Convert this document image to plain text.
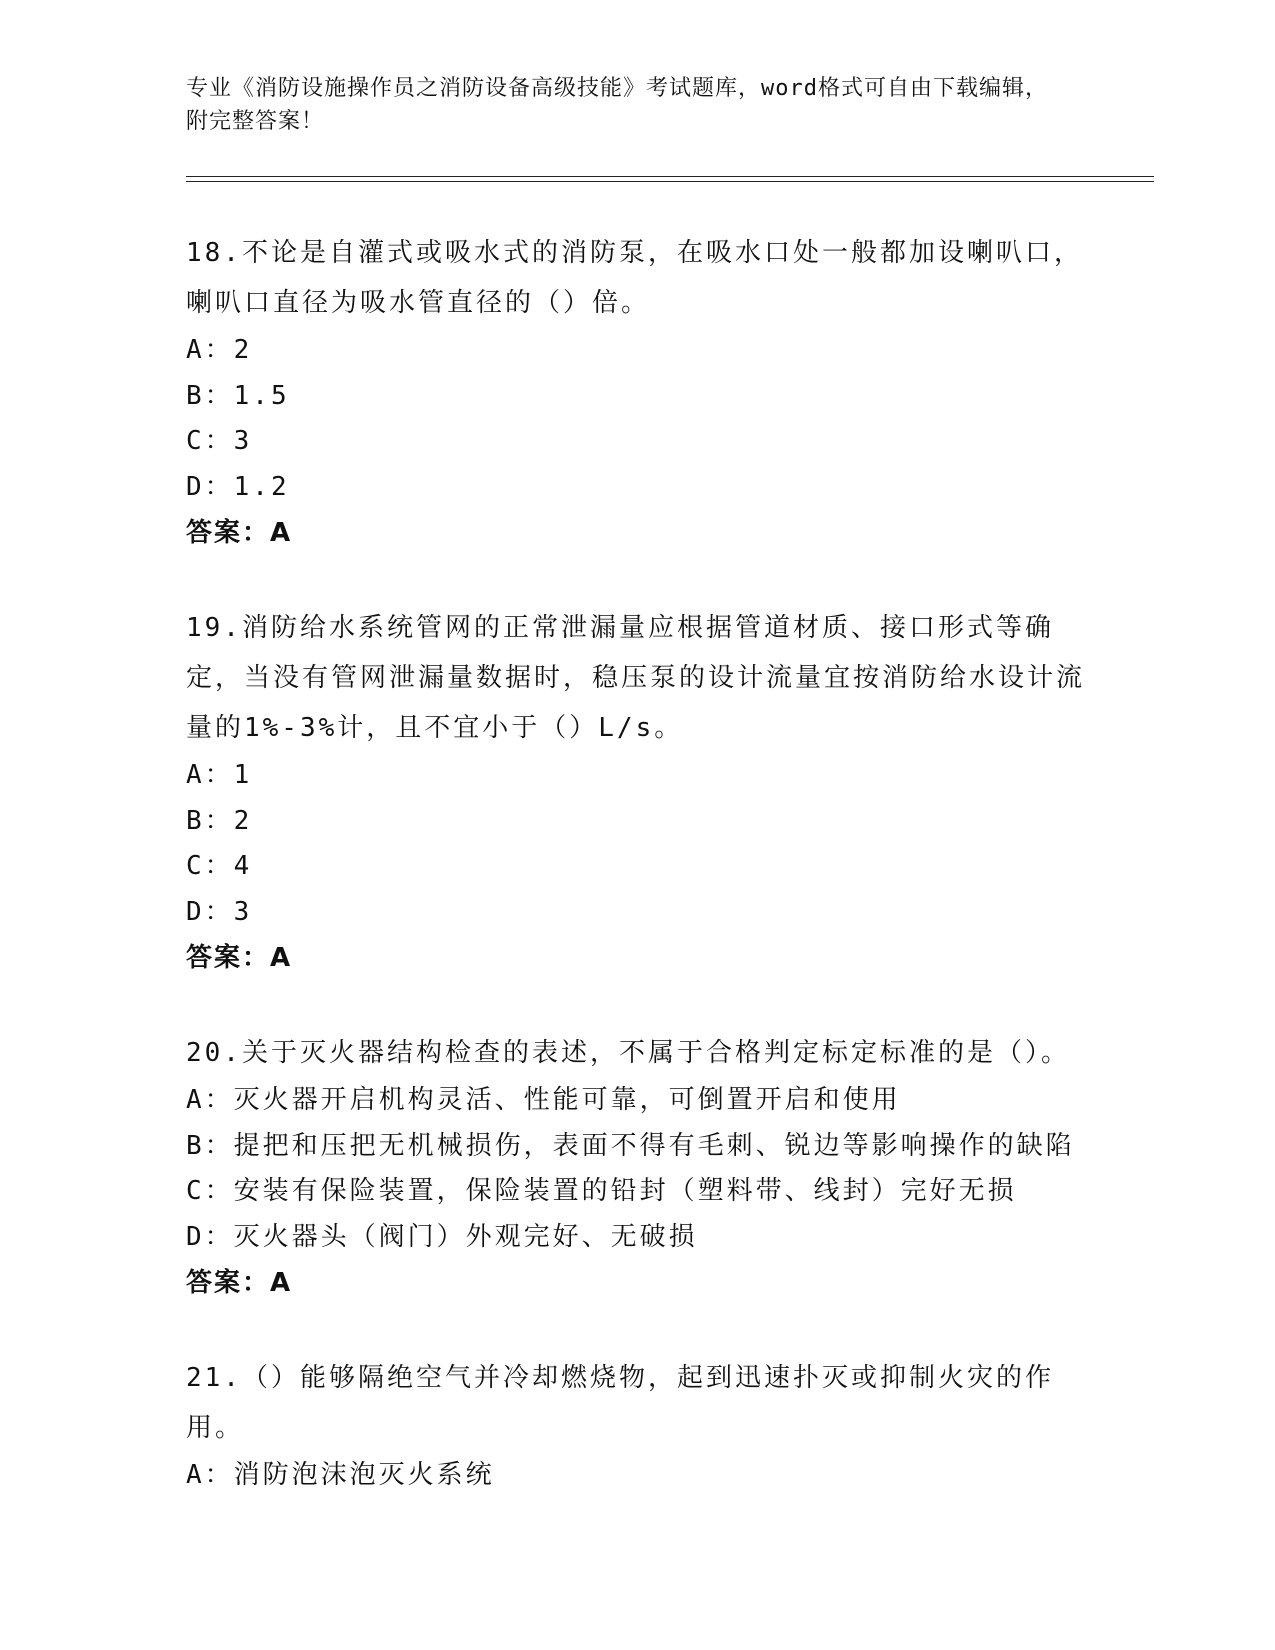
专业《消防设施操作员之消防设备高级技能》考试题库，word格式可自由下载编辑，附完整答案！

18.不论是自灌式或吸水式的消防泵，在吸水口处一般都加设喇叭口，喇叭口直径为吸水管直径的（）倍。

A：2

B：1.5

C：3

D：1.2

答案：A

19.消防给水系统管网的正常泄漏量应根据管道材质、接口形式等确定，当没有管网泄漏量数据时，稳压泵的设计流量宜按消防给水设计流量的1%-3%计，且不宜小于（）L/s。

A：1

B：2

C：4

D：3

答案：A

20.关于灭火器结构检查的表述，不属于合格判定标定标准的是（）。

A：灭火器开启机构灵活、性能可靠，可倒置开启和使用

B：提把和压把无机械损伤，表面不得有毛刺、锐边等影响操作的缺陷

C：安装有保险装置，保险装置的铅封（塑料带、线封）完好无损

D：灭火器头（阀门）外观完好、无破损

答案：A

21.（）能够隔绝空气并冷却燃烧物，起到迅速扑灭或抑制火灾的作用。

A：消防泡沫泡灭火系统
